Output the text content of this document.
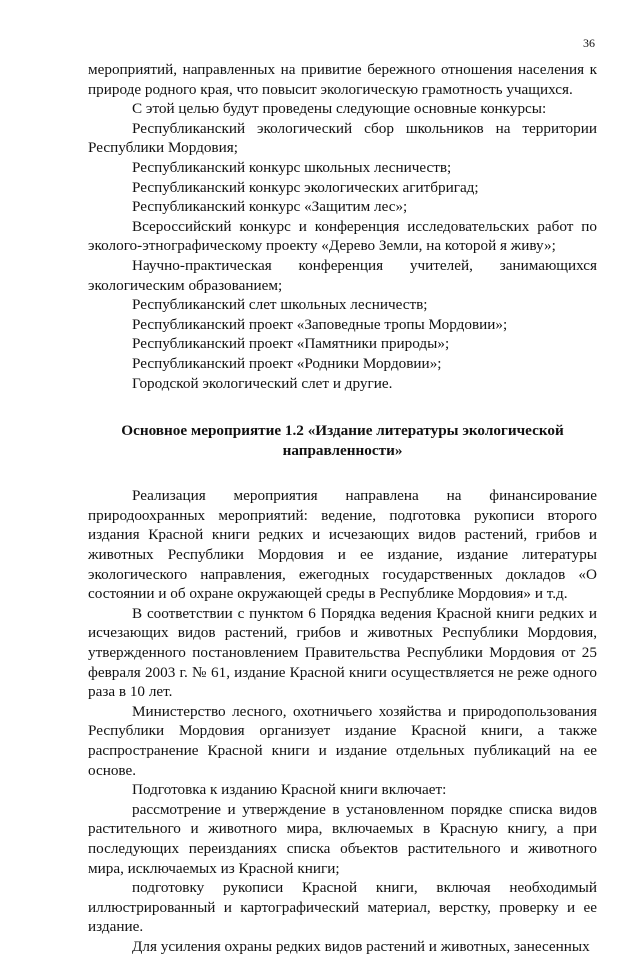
36

мероприятий, направленных на привитие бережного отношения населения к природе родного края, что повысит экологическую грамотность учащихся.

С этой целью будут проведены следующие основные конкурсы:

Республиканский экологический сбор школьников на территории Республики Мордовия;

Республиканский конкурс школьных лесничеств;

Республиканский конкурс экологических агитбригад;

Республиканский конкурс «Защитим лес»;

Всероссийский конкурс и конференция исследовательских работ по эколого-этнографическому проекту «Дерево Земли, на которой я живу»;

Научно-практическая конференция учителей, занимающихся экологическим образованием;

Республиканский слет школьных лесничеств;

Республиканский проект «Заповедные тропы Мордовии»;

Республиканский проект «Памятники природы»;

Республиканский проект «Родники Мордовии»;

Городской экологический слет и другие.

Основное мероприятие 1.2 «Издание литературы экологической направленности»

Реализация мероприятия направлена на финансирование природоохранных мероприятий: ведение, подготовка рукописи второго издания Красной книги редких и исчезающих видов растений, грибов и животных Республики Мордовия и ее издание, издание литературы экологического направления, ежегодных государственных докладов «О состоянии и об охране окружающей среды в Республике Мордовия» и т.д.

В соответствии с пунктом 6 Порядка ведения Красной книги редких и исчезающих видов растений, грибов и животных Республики Мордовия, утвержденного постановлением Правительства Республики Мордовия от 25 февраля 2003 г. № 61, издание Красной книги осуществляется не реже одного раза в 10 лет.

Министерство лесного, охотничьего хозяйства и природопользования Республики Мордовия организует издание Красной книги, а также распространение Красной книги и издание отдельных публикаций на ее основе.

Подготовка к изданию Красной книги включает:

рассмотрение и утверждение в установленном порядке списка видов растительного и животного мира, включаемых в Красную книгу, а при последующих переизданиях списка объектов растительного и животного мира, исключаемых из Красной книги;

подготовку рукописи Красной книги, включая необходимый иллюстрированный и картографический материал, верстку, проверку и ее издание.

Для усиления охраны редких видов растений и животных, занесенных
